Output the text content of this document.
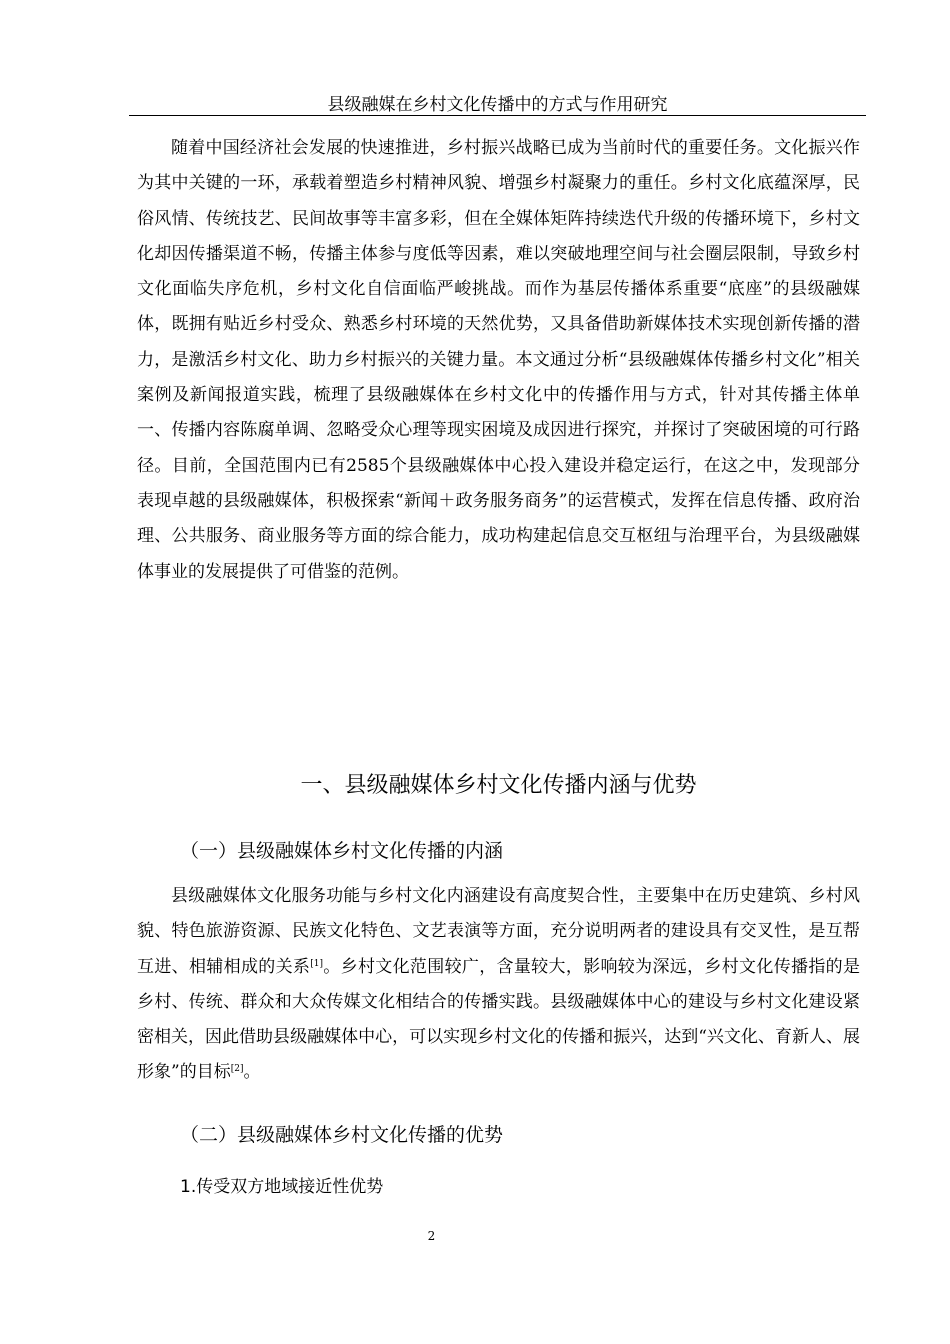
县级融媒在乡村文化传播中的方式与作用研究

随着中国经济社会发展的快速推进，乡村振兴战略已成为当前时代的重要任务。文化振兴作为其中关键的一环，承载着塑造乡村精神风貌、增强乡村凝聚力的重任。乡村文化底蕴深厚，民俗风情、传统技艺、民间故事等丰富多彩，但在全媒体矩阵持续迭代升级的传播环境下，乡村文化却因传播渠道不畅，传播主体参与度低等因素，难以突破地理空间与社会圈层限制，导致乡村文化面临失序危机，乡村文化自信面临严峻挑战。而作为基层传播体系重要“底座”的县级融媒体，既拥有贴近乡村受众、熟悉乡村环境的天然优势，又具备借助新媒体技术实现创新传播的潜力，是激活乡村文化、助力乡村振兴的关键力量。本文通过分析“县级融媒体传播乡村文化”相关案例及新闻报道实践，梳理了县级融媒体在乡村文化中的传播作用与方式，针对其传播主体单一、传播内容陈腐单调、忽略受众心理等现实困境及成因进行探究，并探讨了突破困境的可行路径。目前，全国范围内已有2585个县级融媒体中心投入建设并稳定运行，在这之中，发现部分表现卓越的县级融媒体，积极探索“新闻＋政务服务商务”的运营模式，发挥在信息传播、政府治理、公共服务、商业服务等方面的综合能力，成功构建起信息交互枢纽与治理平台，为县级融媒体事业的发展提供了可借鉴的范例。

一、县级融媒体乡村文化传播内涵与优势
（一）县级融媒体乡村文化传播的内涵

县级融媒体文化服务功能与乡村文化内涵建设有高度契合性，主要集中在历史建筑、乡村风貌、特色旅游资源、民族文化特色、文艺表演等方面，充分说明两者的建设具有交叉性，是互帮互进、相辅相成的关系[1]。乡村文化范围较广，含量较大，影响较为深远，乡村文化传播指的是乡村、传统、群众和大众传媒文化相结合的传播实践。县级融媒体中心的建设与乡村文化建设紧密相关，因此借助县级融媒体中心，可以实现乡村文化的传播和振兴，达到“兴文化、育新人、展形象”的目标[2]。

（二）县级融媒体乡村文化传播的优势
1.传受双方地域接近性优势
2
